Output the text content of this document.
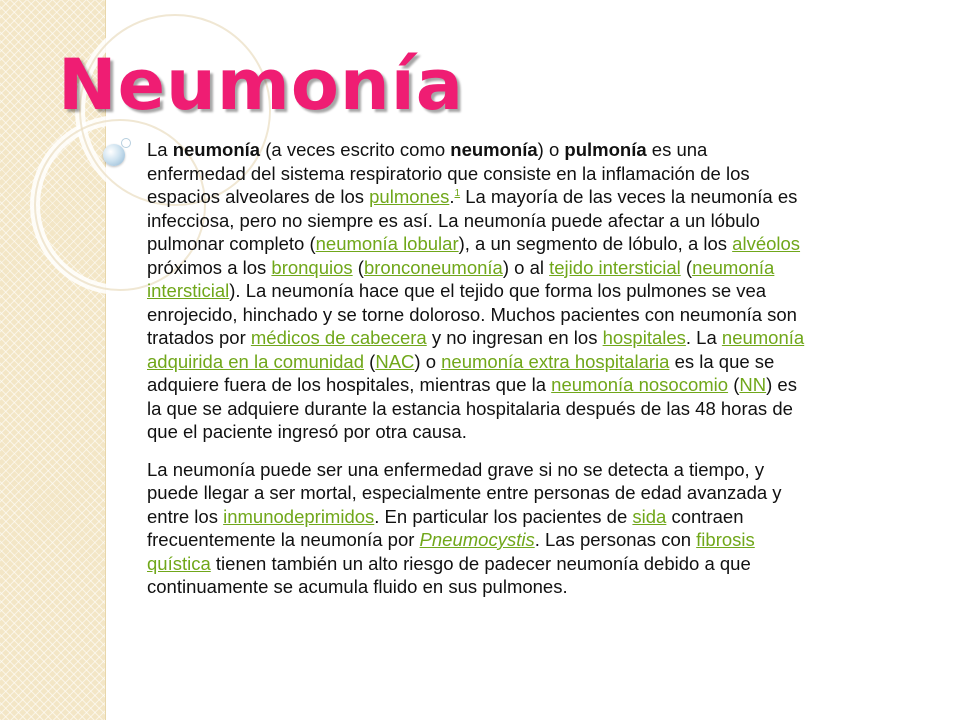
Neumonía

La neumonía (a veces escrito como neumonía) o pulmonía es una enfermedad del sistema respiratorio que consiste en la inflamación de los espacios alveolares de los pulmones.$^1$ La mayoría de las veces la neumonía es infecciosa, pero no siempre es así. La neumonía puede afectar a un lóbulo pulmonar completo (neumonía lobular), a un segmento de lóbulo, a los alvéolos próximos a los bronquios (bronconeumonía) o al tejido intersticial (neumonía intersticial). La neumonía hace que el tejido que forma los pulmones se vea enrojecido, hinchado y se torne doloroso. Muchos pacientes con neumonía son tratados por médicos de cabecera y no ingresan en los hospitales. La neumonía adquirida en la comunidad (NAC) o neumonía extra hospitalaria es la que se adquiere fuera de los hospitales, mientras que la neumonía nosocomio (NN) es la que se adquiere durante la estancia hospitalaria después de las 48 horas de que el paciente ingresó por otra causa.

La neumonía puede ser una enfermedad grave si no se detecta a tiempo, y puede llegar a ser mortal, especialmente entre personas de edad avanzada y entre los inmunodeprimidos. En particular los pacientes de sida contraen frecuentemente la neumonía por Pneumocystis. Las personas con fibrosis quística tienen también un alto riesgo de padecer neumonía debido a que continuamente se acumula fluido en sus pulmones.
